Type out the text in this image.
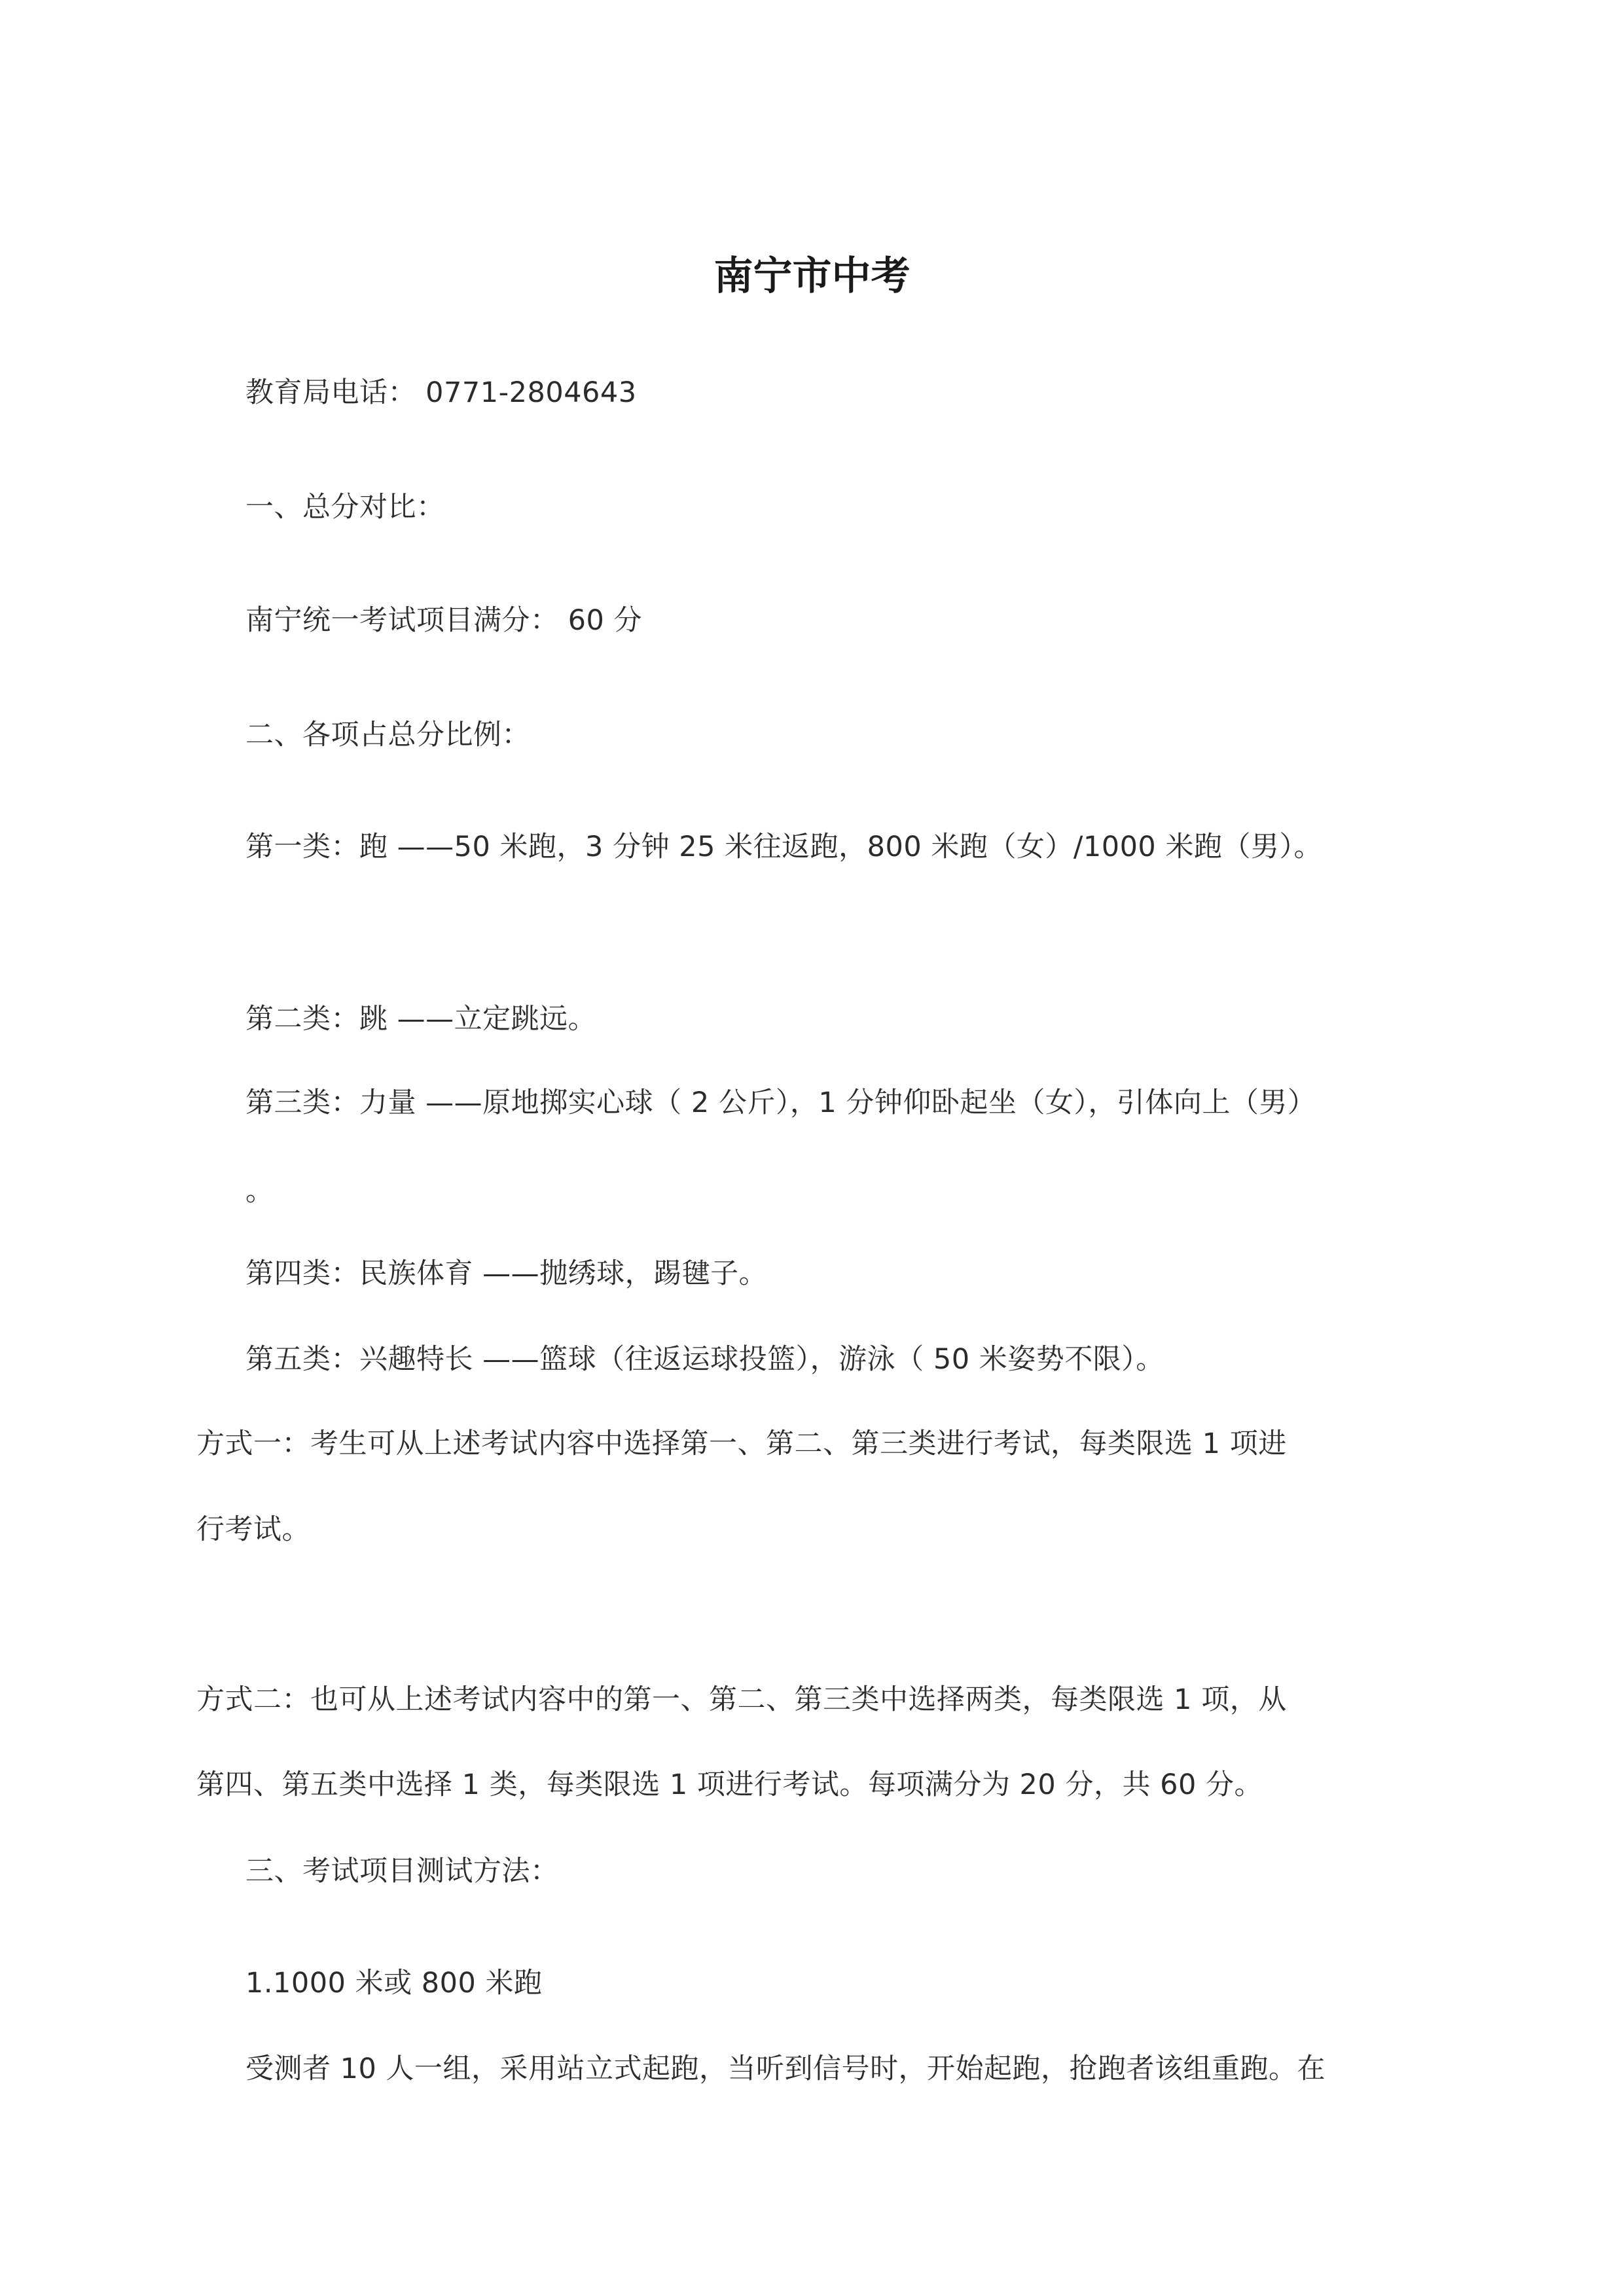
南宁市中考
教育局电话： 0771-2804643
一、总分对比：
南宁统一考试项目满分： 60 分
二、各项占总分比例：
第一类：跑 ——50 米跑，3 分钟 25 米往返跑，800 米跑（女）/1000 米跑（男）。
第二类：跳 ——立定跳远。
第三类：力量 ——原地掷实心球（ 2 公斤），1 分钟仰卧起坐（女），引体向上（男）
。
第四类：民族体育 ——抛绣球，踢毽子。
第五类：兴趣特长 ——篮球（往返运球投篮），游泳（ 50 米姿势不限）。
方式一：考生可从上述考试内容中选择第一、第二、第三类进行考试，每类限选 1 项进
行考试。
方式二：也可从上述考试内容中的第一、第二、第三类中选择两类，每类限选 1 项，从
第四、第五类中选择 1 类，每类限选 1 项进行考试。每项满分为 20 分，共 60 分。
三、考试项目测试方法：
1.1000 米或 800 米跑
受测者 10 人一组，采用站立式起跑，当听到信号时，开始起跑，抢跑者该组重跑。在
